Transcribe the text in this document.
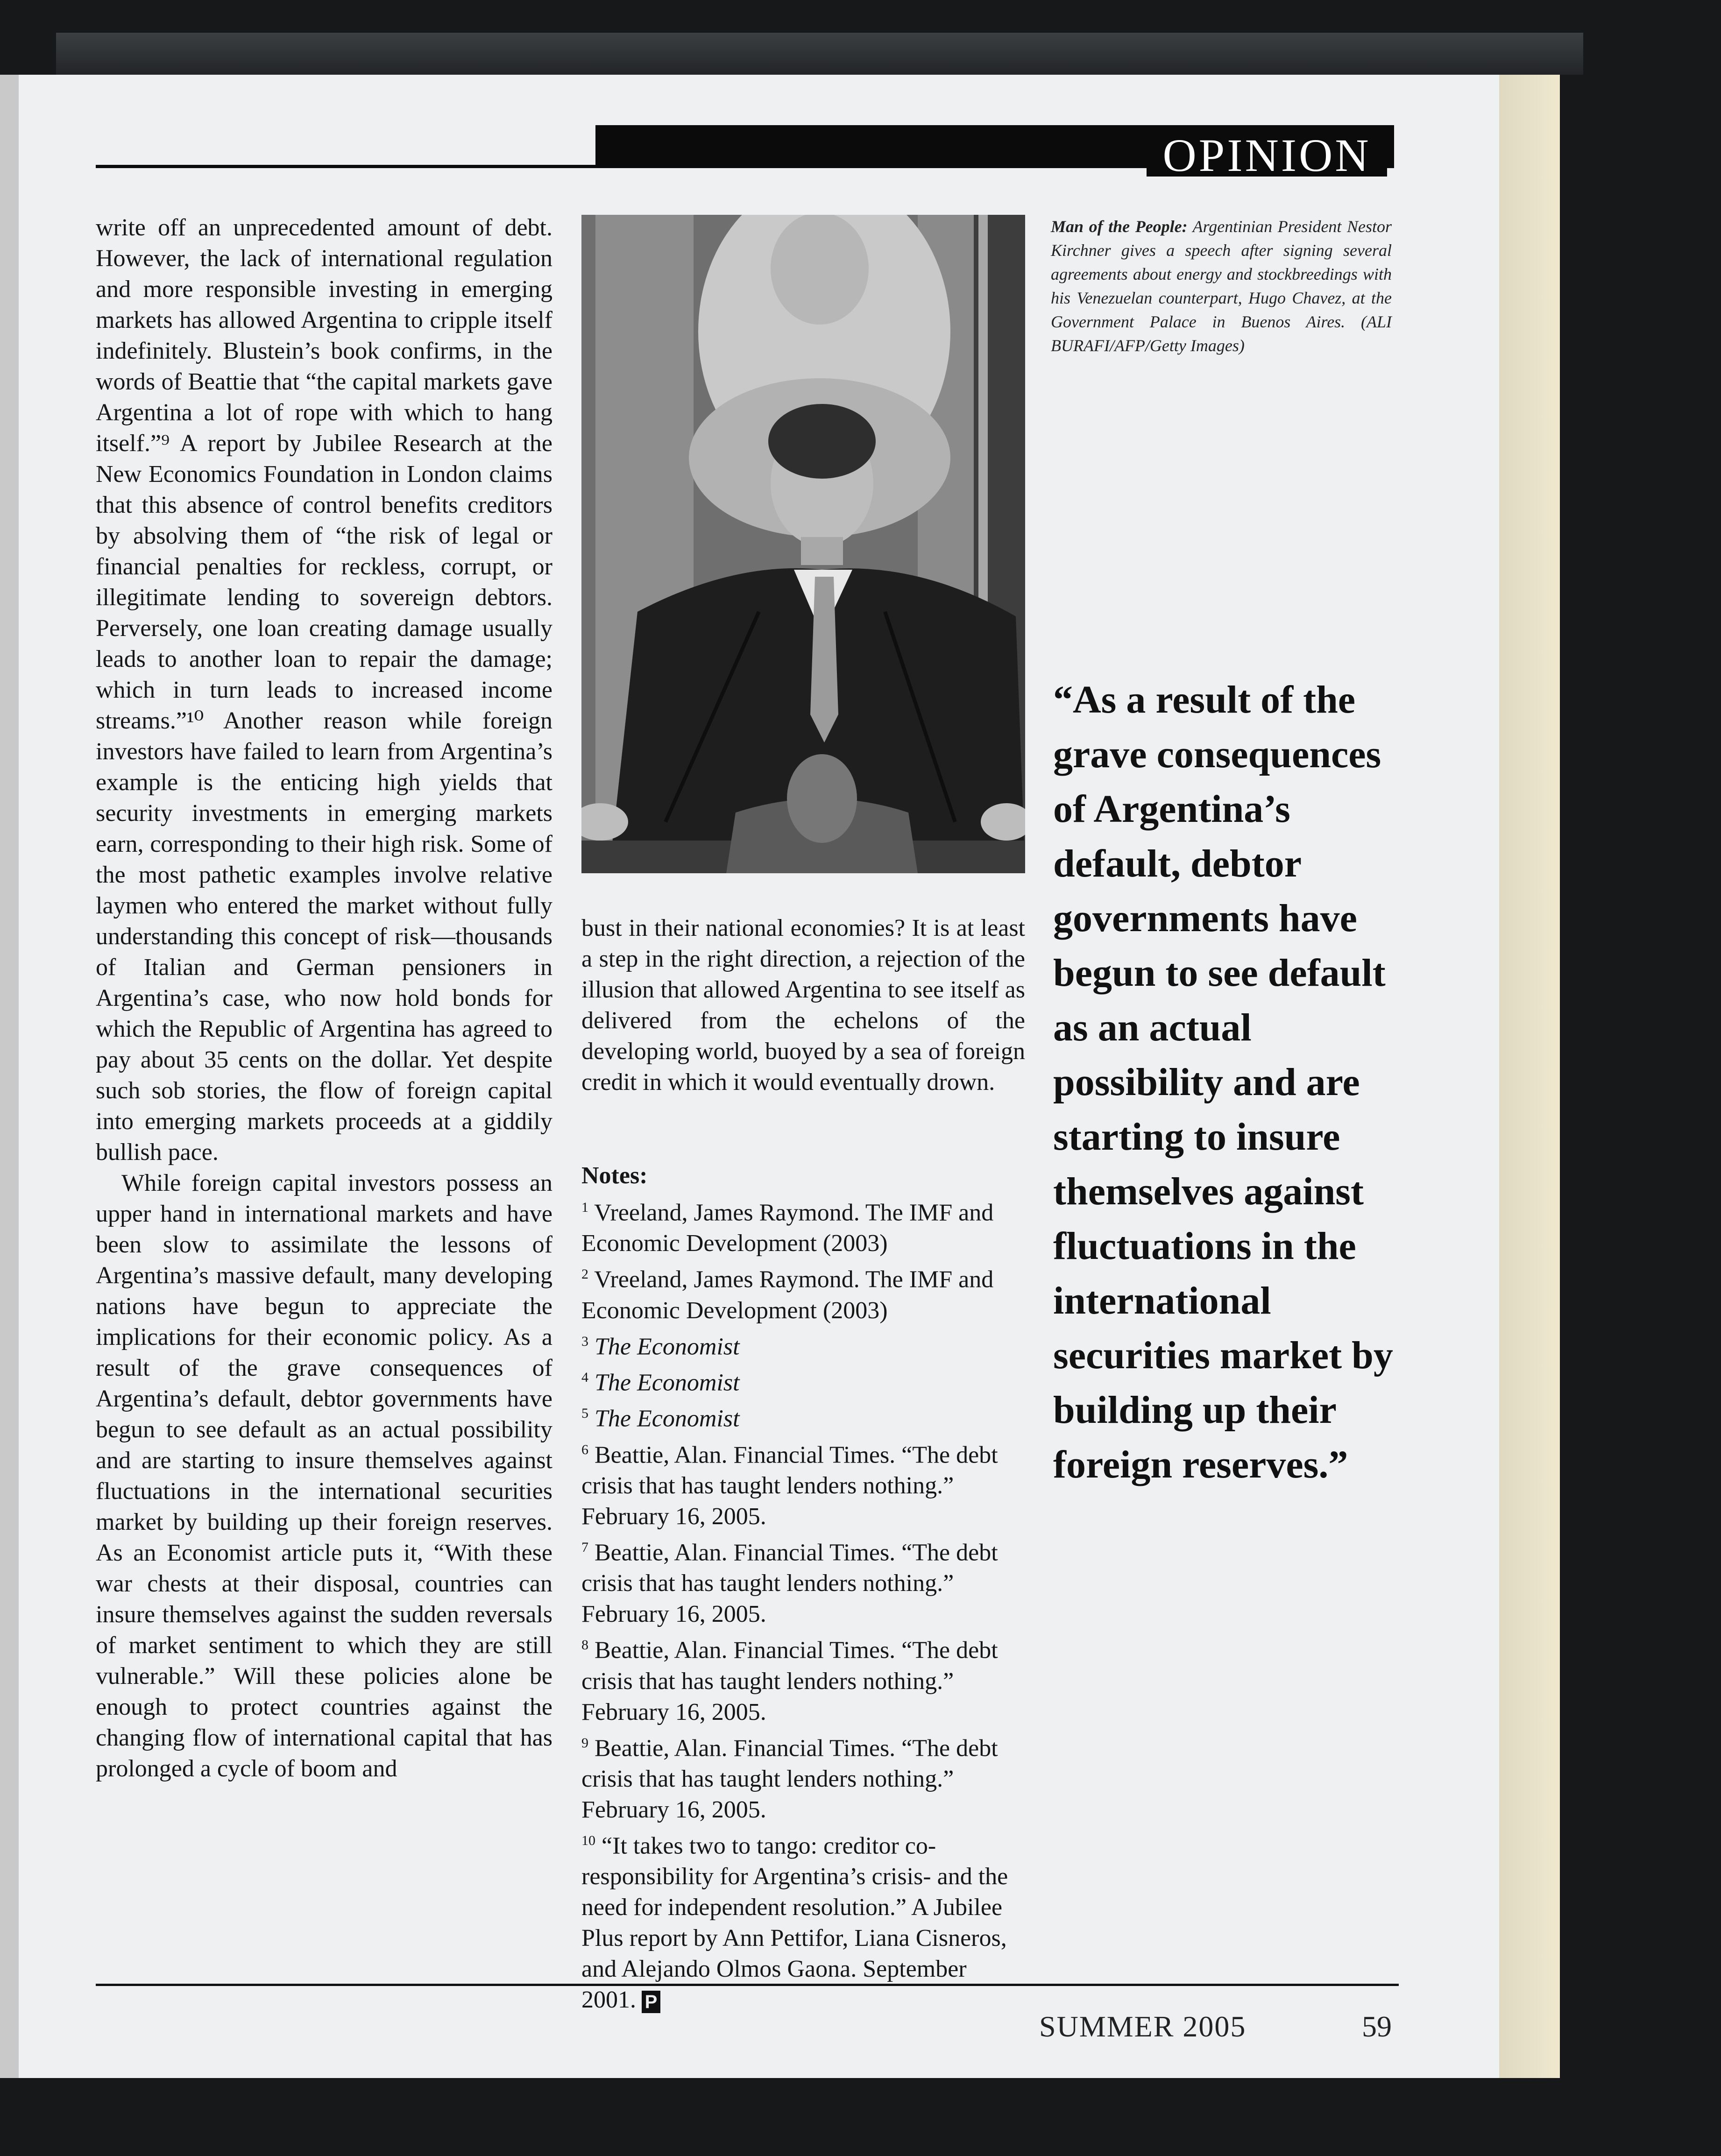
OPINION

write off an unprecedented amount of debt. However, the lack of international regulation and more responsible investing in emerging markets has allowed Argentina to cripple itself indefinitely. Blustein’s book confirms, in the words of Beattie that “the capital markets gave Argentina a lot of rope with which to hang itself.”⁹ A report by Jubilee Research at the New Economics Foundation in London claims that this absence of control benefits creditors by absolving them of “the risk of legal or financial penalties for reckless, corrupt, or illegitimate lending to sovereign debtors. Perversely, one loan creating damage usually leads to another loan to repair the damage; which in turn leads to increased income streams.”¹⁰ Another reason while foreign investors have failed to learn from Argentina’s example is the enticing high yields that security investments in emerging markets earn, corresponding to their high risk. Some of the most pathetic examples involve relative laymen who entered the market without fully understanding this concept of risk—thousands of Italian and German pensioners in Argentina’s case, who now hold bonds for which the Republic of Argentina has agreed to pay about 35 cents on the dollar. Yet despite such sob stories, the flow of foreign capital into emerging markets proceeds at a giddily bullish pace.

While foreign capital investors possess an upper hand in international markets and have been slow to assimilate the lessons of Argentina’s massive default, many developing nations have begun to appreciate the implications for their economic policy. As a result of the grave consequences of Argentina’s default, debtor governments have begun to see default as an actual possibility and are starting to insure themselves against fluctuations in the international securities market by building up their foreign reserves. As an Economist article puts it, “With these war chests at their disposal, countries can insure themselves against the sudden reversals of market sentiment to which they are still vulnerable.” Will these policies alone be enough to protect countries against the changing flow of international capital that has prolonged a cycle of boom and

Man of the People: Argentinian President Nestor Kirchner gives a speech after signing several agreements about energy and stockbreedings with his Venezuelan counterpart, Hugo Chavez, at the Government Palace in Buenos Aires. (ALI BURAFI/AFP/Getty Images)
“As a result of the grave consequences of Argentina’s default, debtor governments have begun to see default as an actual possibility and are starting to insure themselves against fluctuations in the international securities market by building up their foreign reserves.”

bust in their national economies? It is at least a step in the right direction, a rejection of the illusion that allowed Argentina to see itself as delivered from the echelons of the developing world, buoyed by a sea of foreign credit in which it would eventually drown.

Notes:

$^1$ Vreeland, James Raymond. The IMF and Economic Development (2003)

$^2$ Vreeland, James Raymond. The IMF and Economic Development (2003)

$^3$ The Economist

$^4$ The Economist

$^5$ The Economist

$^6$ Beattie, Alan. Financial Times. “The debt crisis that has taught lenders nothing.” February 16, 2005.

$^7$ Beattie, Alan. Financial Times. “The debt crisis that has taught lenders nothing.” February 16, 2005.

$^8$ Beattie, Alan. Financial Times. “The debt crisis that has taught lenders nothing.” February 16, 2005.

$^9$ Beattie, Alan. Financial Times. “The debt crisis that has taught lenders nothing.” February 16, 2005.

$^{10}$ “It takes two to tango: creditor co-responsibility for Argentina’s crisis- and the need for independent resolution.” A Jubilee Plus report by Ann Pettifor, Liana Cisneros, and Alejando Olmos Gaona. September 2001. P

SUMMER 2005	59
